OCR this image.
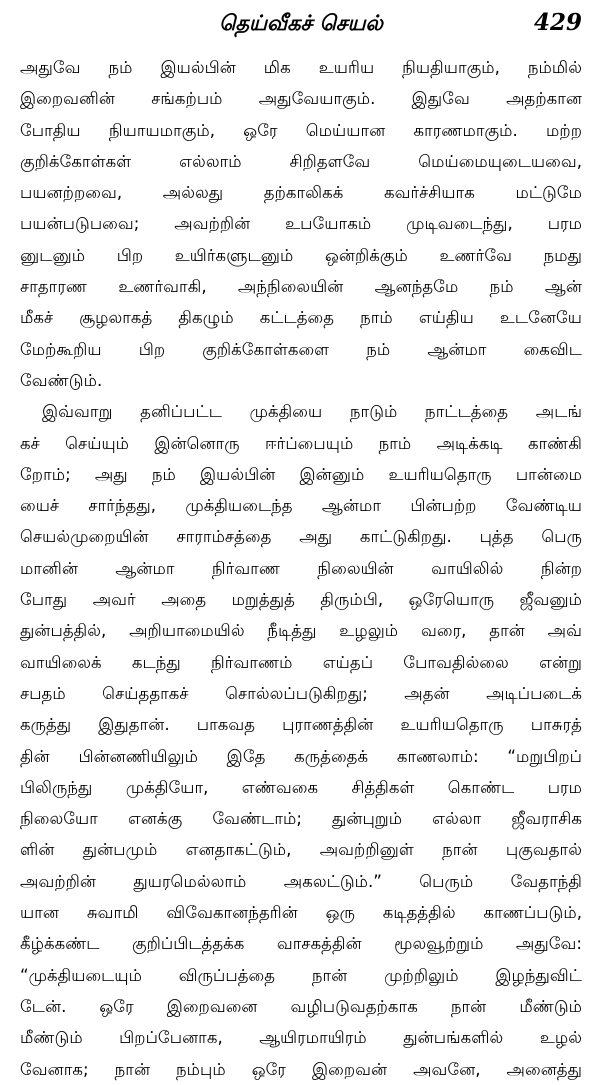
தெய்வீகச் செயல்	429
அதுவே நம் இயல்பின் மிக உயரிய நியதியாகும், நம்மில்
இறைவனின் சங்கற்பம் அதுவேயாகும். இதுவே அதற்கான
போதிய நியாயமாகும், ஒரே மெய்யான காரணமாகும். மற்ற
குறிக்கோள்கள் எல்லாம் சிறிதளவே மெய்மையுடையவை,
பயனற்றவை, அல்லது தற்காலிகக் கவர்ச்சியாக மட்டுமே
பயன்படுபவை; அவற்றின் உபயோகம் முடிவடைந்து, பரம
னுடனும் பிற உயிர்களுடனும் ஒன்றிக்கும் உணர்வே நமது
சாதாரண உணர்வாகி, அந்நிலையின் ஆனந்தமே நம் ஆன்
மீகச் சூழலாகத் திகழும் கட்டத்தை நாம் எய்திய உடனேயே
மேற்கூறிய பிற குறிக்கோள்களை நம் ஆன்மா கைவிட
வேண்டும்.
இவ்வாறு தனிப்பட்ட முக்தியை நாடும் நாட்டத்தை அடங்
கச் செய்யும் இன்னொரு ஈர்ப்பையும் நாம் அடிக்கடி காண்கி
றோம்; அது நம் இயல்பின் இன்னும் உயரியதொரு பான்மை
யைச் சார்ந்தது, முக்தியடைந்த ஆன்மா பின்பற்ற வேண்டிய
செயல்முறையின் சாராம்சத்தை அது காட்டுகிறது. புத்த பெரு
மானின் ஆன்மா நிர்வாண நிலையின் வாயிலில் நின்ற
போது அவர் அதை மறுத்துத் திரும்பி, ஒரேயொரு ஜீவனும்
துன்பத்தில், அறியாமையில் நீடித்து உழலும் வரை, தான் அவ்
வாயிலைக் கடந்து நிர்வாணம் எய்தப் போவதில்லை என்று
சபதம் செய்ததாகச் சொல்லப்படுகிறது; அதன் அடிப்படைக்
கருத்து இதுதான். பாகவத புராணத்தின் உயரியதொரு பாசுரத்
தின் பின்னணியிலும் இதே கருத்தைக் காணலாம்: “மறுபிறப்
பிலிருந்து முக்தியோ, எண்வகை சித்திகள் கொண்ட பரம
நிலையோ எனக்கு வேண்டாம்; துன்புறும் எல்லா ஜீவராசிக
ளின் துன்பமும் எனதாகட்டும், அவற்றினுள் நான் புகுவதால்
அவற்றின் துயரமெல்லாம் அகலட்டும்.” பெரும் வேதாந்தி
யான சுவாமி விவேகானந்தரின் ஒரு கடிதத்தில் காணப்படும்,
கீழ்க்கண்ட குறிப்பிடத்தக்க வாசகத்தின் மூலவூற்றும் அதுவே:
“முக்தியடையும் விருப்பத்தை நான் முற்றிலும் இழந்துவிட்
டேன். ஒரே இறைவனை வழிபடுவதற்காக நான் மீண்டும்
மீண்டும் பிறப்பேனாக, ஆயிரமாயிரம் துன்பங்களில் உழல்
வேனாக; நான் நம்பும் ஒரே இறைவன் அவனே, அனைத்து
